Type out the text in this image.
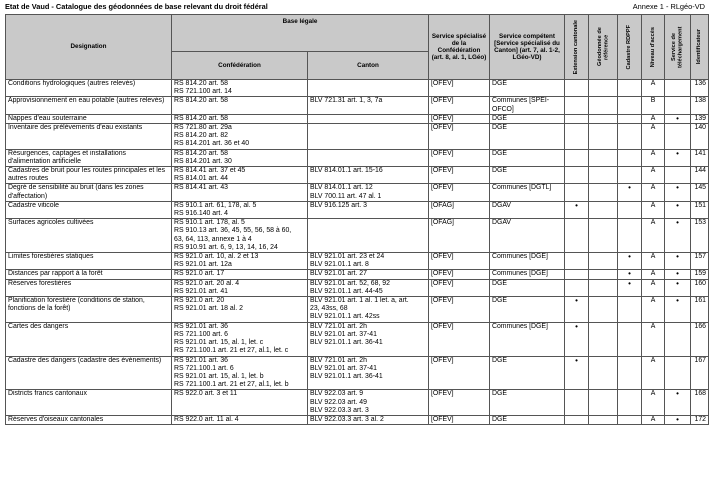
Etat de Vaud - Catalogue des géodonnées de base relevant du droit fédéral	Annexe 1 - RLgéo-VD
Designation	Base légale		Service spécialisé de la Confédération (art. 8, al. 1, LGéo)	Service compétent [Service spécialisé du Canton] (art. 7, al. 1-2, LGéo-VD)	Extension cantonale	Géodonnée de référence	Cadastre RDPPF	Niveau d'accès	Service de téléchargement	Identificateur

	Confédération	Canton								
Conditions hydrologiques (autres relevés)	RS 814.20 art. 58
RS 721.100 art. 14		[OFEV]	DGE				A		136
Approvisionnement en eau potable (autres relevés)	RS 814.20 art. 58	BLV 721.31 art. 1, 3, 7a	[OFEV]	Communes [SPEI-OFCO]				B		138
Nappes d'eau souterraine	RS 814.20 art. 58		[OFEV]	DGE				A	•	139
Inventaire des prélèvements d'eau existants	RS 721.80 art. 29a
RS 814.20 art. 82
RS 814.201 art. 36 et 40		[OFEV]	DGE				A		140
Résurgences, captages et installations d'alimentation artificielle	RS 814.20 art. 58
RS 814.201 art. 30		[OFEV]	DGE				A	•	141
Cadastres de bruit pour les routes principales et les autres routes	RS 814.41 art. 37 et 45
RS 814.01 art. 44	BLV 814.01.1 art. 15-16	[OFEV]	DGE				A		144
Degré de sensibilité au bruit (dans les zones d'affectation)	RS 814.41 art. 43	BLV 814.01.1 art. 12
BLV 700.11 art. 47 al. 1	[OFEV]	Communes [DGTL]			•	A	•	145
Cadastre viticole	RS 910.1 art. 61, 178, al. 5
RS 916.140 art. 4	BLV 916.125 art. 3	[OFAG]	DGAV	•			A	•	151
Surfaces agricoles cultivées	RS 910.1 art. 178, al. 5
RS 910.13 art. 36, 45, 55, 56, 58 à 60,
63, 64, 113, annexe 1 à 4
RS 910.91 art. 6, 9, 13, 14, 16, 24		[OFAG]	DGAV				A	•	153
Limites forestières statiques	RS 921.0 art. 10, al. 2 et 13
RS 921.01 art. 12a	BLV 921.01 art. 23 et 24
BLV 921.01.1 art. 8	[OFEV]	Communes [DGE]			•	A	•	157
Distances par rapport à la forêt	RS 921.0 art. 17	BLV 921.01 art. 27	[OFEV]	Communes [DGE]			•	A	•	159
Réserves forestières	RS 921.0 art. 20 al. 4
RS 921.01 art. 41	BLV 921.01 art. 52, 68, 92
BLV 921.01.1 art. 44-45	[OFEV]	DGE			•	A	•	160
Planification forestière (conditions de station, fonctions de la forêt)	RS 921.0 art. 20
RS 921.01 art. 18 al. 2	BLV 921.01 art. 1 al. 1 let. a, art.
23, 43ss, 68
BLV 921.01.1 art. 42ss	[OFEV]	DGE	•			A	•	161
Cartes des dangers	RS 921.01 art. 36
RS 721.100 art. 6
RS 921.01 art. 15, al. 1, let. c
RS 721.100.1 art. 21 et 27, al.1, let. c	BLV 721.01 art. 2h
BLV 921.01 art. 37-41
BLV 921.01.1 art. 36-41	[OFEV]	Communes [DGE]	•			A		166
Cadastre des dangers (cadastre des événements)	RS 921.01 art. 36
RS 721.100.1 art. 6
RS 921.01 art. 15, al. 1, let. b
RS 721.100.1 art. 21 et 27, al.1, let. b	BLV 721.01 art. 2h
BLV 921.01 art. 37-41
BLV 921.01.1 art. 36-41	[OFEV]	DGE	•			A		167
Districts francs cantonaux	RS 922.0 art. 3 et 11	BLV 922.03 art. 9
BLV 922.03 art. 49
BLV 922.03.3 art. 3	[OFEV]	DGE				A	•	168
Réserves d'oiseaux cantonales	RS 922.0 art. 11 al. 4	BLV 922.03.3 art. 3 al. 2	[OFEV]	DGE				A	•	172
